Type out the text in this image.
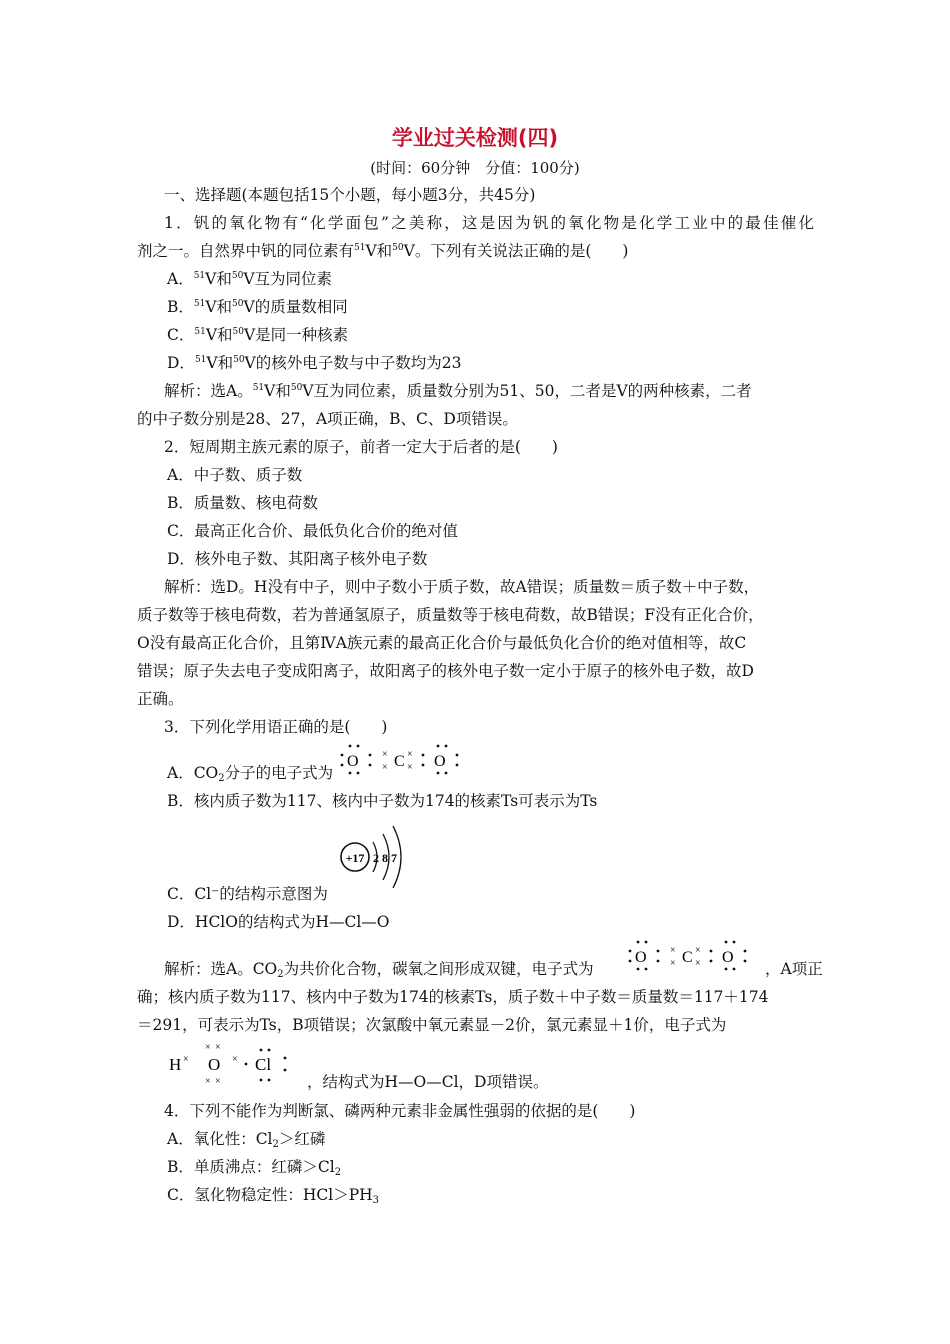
学业过关检测(四)
(时间：60分钟　分值：100分)
一、选择题(本题包括15个小题，每小题3分，共45分)
1．钒的氧化物有“化学面包”之美称，这是因为钒的氧化物是化学工业中的最佳催化
剂之一。自然界中钒的同位素有$^{51}$V和$^{50}$V。下列有关说法正确的是(　　)
A．$^{51}$V和$^{50}$V互为同位素
B．$^{51}$V和$^{50}$V的质量数相同
C．$^{51}$V和$^{50}$V是同一种核素
D．$^{51}$V和$^{50}$V的核外电子数与中子数均为23
解析：选A。$^{51}$V和$^{50}$V互为同位素，质量数分别为51、50，二者是V的两种核素，二者
的中子数分别是28、27，A项正确，B、C、D项错误。
2．短周期主族元素的原子，前者一定大于后者的是(　　)
A．中子数、质子数
B．质量数、核电荷数
C．最高正化合价、最低负化合价的绝对值
D．核外电子数、其阳离子核外电子数
解析：选D。H没有中子，则中子数小于质子数，故A错误；质量数＝质子数＋中子数，
质子数等于核电荷数，若为普通氢原子，质量数等于核电荷数，故B错误；F没有正化合价，
O没有最高正化合价，且第ⅣA族元素的最高正化合价与最低负化合价的绝对值相等，故C
错误；原子失去电子变成阳离子，故阳离子的核外电子数一定小于原子的核外电子数，故D
正确。
3．下列化学用语正确的是(　　)
A．$CO_2$分子的电子式为
O C O
×
×
×
×
B．核内质子数为117、核内中子数为174的核素Ts可表示为Ts
+17 2 8 7
C．Cl⁻的结构示意图为
D．HClO的结构式为H—Cl—O
解析：选A。$CO_2$为共价化合物，碳氧之间形成双键，电子式为
O C O
×
×
×
×	，A项正
确；核内质子数为117、核内中子数为174的核素Ts，质子数＋中子数＝质量数＝117＋174
＝291，可表示为Ts，B项错误；次氯酸中氧元素显－2价，氯元素显＋1价，电子式为
H O Cl
×
× ×
× ×
×
，结构式为H—O—Cl，D项错误。
4．下列不能作为判断氯、磷两种元素非金属性强弱的依据的是(　　)
A．氧化性：$Cl_2>$红磷
B．单质沸点：红磷$>Cl_2$
C．氢化物稳定性：$HCl>PH_3$
